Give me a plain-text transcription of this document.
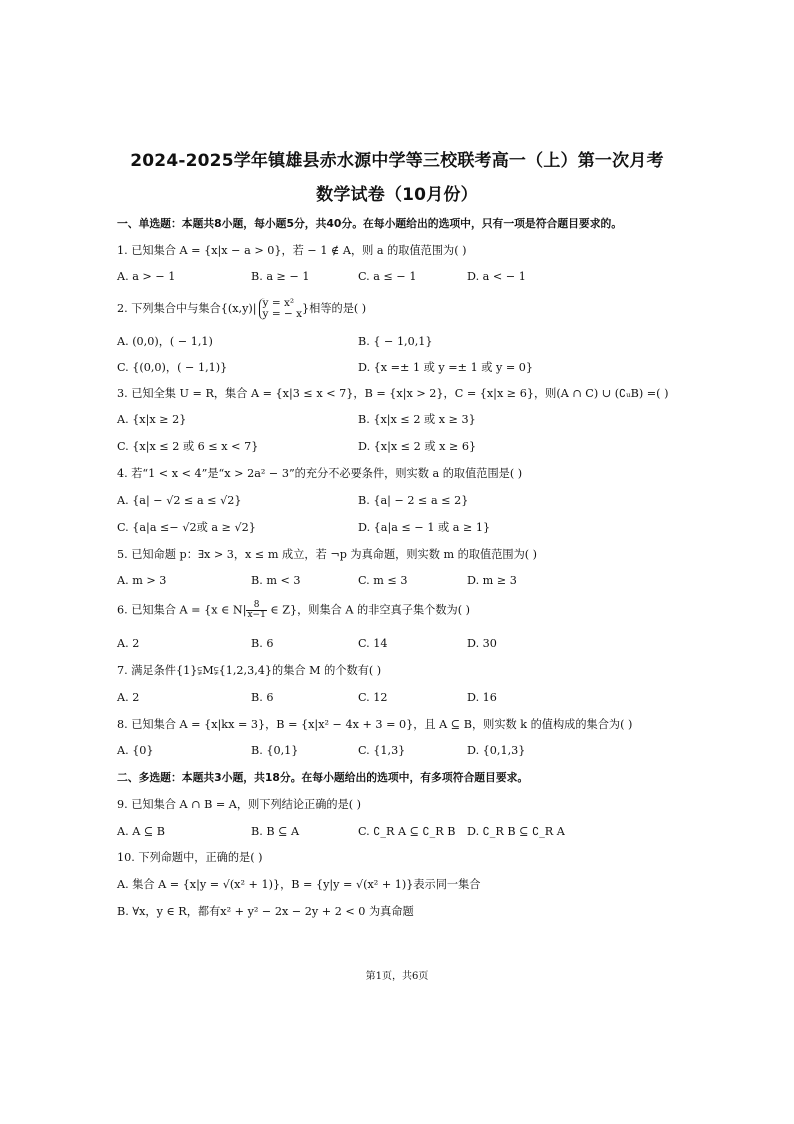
2024-2025学年镇雄县赤水源中学等三校联考高一（上）第一次月考
数学试卷（10月份）
一、单选题：本题共8小题，每小题5分，共40分。在每小题给出的选项中，只有一项是符合题目要求的。
1. 已知集合 A = {x|x − a > 0}，若 − 1 ∉ A，则 a 的取值范围为( )
A. a > − 1	B. a ≥ − 1	C. a ≤ − 1	D. a < − 1
2. 下列集合中与集合{(x,y)| y = x²
y = − x }相等的是( )
A. (0,0)，( − 1,1)	B. { − 1,0,1}
C. {(0,0)，( − 1,1)}	D. {x =± 1 或 y =± 1 或 y = 0}
3. 已知全集 U = R，集合 A = {x|3 ≤ x < 7}，B = {x|x > 2}，C = {x|x ≥ 6}，则(A ∩ C) ∪ (∁ᵤB) =( )
A. {x|x ≥ 2}	B. {x|x ≤ 2 或 x ≥ 3}
C. {x|x ≤ 2 或 6 ≤ x < 7}	D. {x|x ≤ 2 或 x ≥ 6}
4. 若“1 < x < 4”是“x > 2a² − 3”的充分不必要条件，则实数 a 的取值范围是( )
A. {a| − √2 ≤ a ≤ √2}	B. {a| − 2 ≤ a ≤ 2}
C. {a|a ≤− √2或 a ≥ √2}	D. {a|a ≤ − 1 或 a ≥ 1}
5. 已知命题 p：∃x > 3，x ≤ m 成立，若 ¬p 为真命题，则实数 m 的取值范围为( )
A. m > 3	B. m < 3	C. m ≤ 3	D. m ≥ 3
6. 已知集合 A = {x ∈ $N| \frac{8}{x-1}$ ∈ Z}，则集合 A 的非空真子集个数为( )
A. 2	B. 6	C. 14	D. 30
7. 满足条件{1}⫋M⫋{1,2,3,4}的集合 M 的个数有( )
A. 2	B. 6	C. 12	D. 16
8. 已知集合 A = {x|kx = 3}，B = {x|x² − 4x + 3 = 0}，且 A ⊆ B，则实数 k 的值构成的集合为( )
A. {0}	B. {0,1}	C. {1,3}	D. {0,1,3}
二、多选题：本题共3小题，共18分。在每小题给出的选项中，有多项符合题目要求。
9. 已知集合 A ∩ B = A，则下列结论正确的是( )
A. A ⊆ B	B. B ⊆ A	C. ∁_R A ⊆ ∁_R B D. ∁_R B ⊆ ∁_R A
10. 下列命题中，正确的是( )
A. 集合 A = {x|y = √(x² + 1)}，B = {y|y = √(x² + 1)}表示同一集合
B. ∀x，y ∈ R，都有x² + y² − 2x − 2y + 2 < 0 为真命题
第1页，共6页
